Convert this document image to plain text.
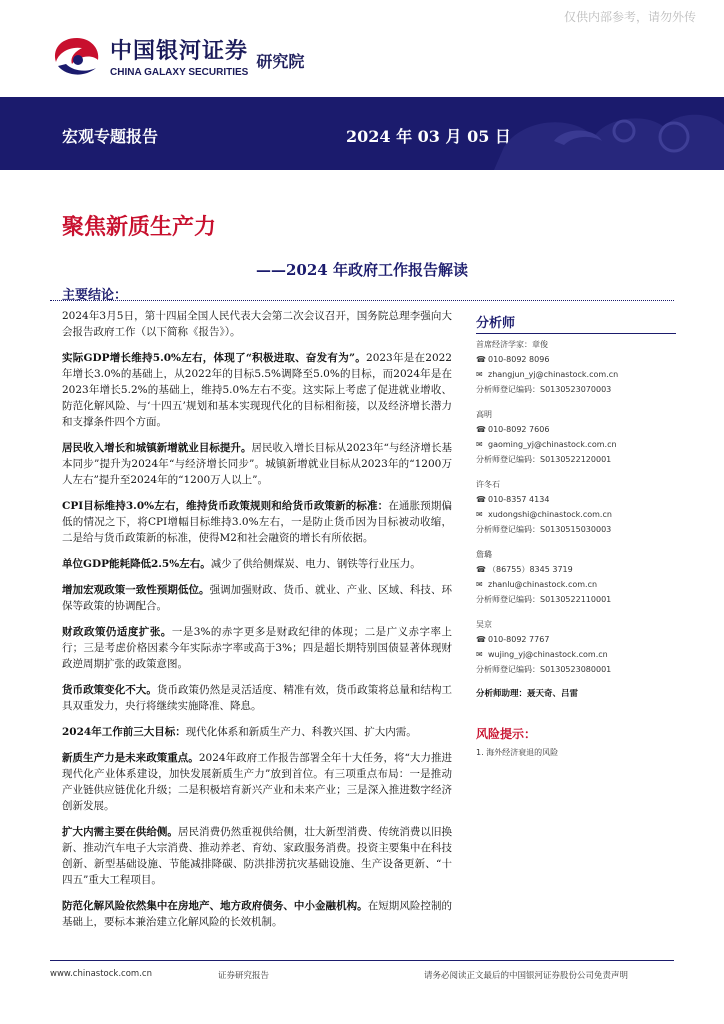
仅供内部参考，请勿外传
中国银河证券
CHINA GALAXY SECURITIES
研究院
宏观专题报告	2024 年 03 月 05 日
聚焦新质生产力
——2024 年政府工作报告解读
主要结论：

2024年3月5日，第十四届全国人民代表大会第二次会议召开，国务院总理李强向大会报告政府工作（以下简称《报告》）。

实际GDP增长维持5.0%左右，体现了“积极进取、奋发有为”。2023年是在2022年增长3.0%的基础上，从2022年的目标5.5%调降至5.0%的目标，而2024年是在2023年增长5.2%的基础上，维持5.0%左右不变。这实际上考虑了促进就业增收、防范化解风险、与‘十四五’规划和基本实现现代化的目标相衔接，以及经济增长潜力和支撑条件四个方面。

居民收入增长和城镇新增就业目标提升。居民收入增长目标从2023年“与经济增长基本同步”提升为2024年“与经济增长同步”。城镇新增就业目标从2023年的“1200万人左右”提升至2024年的“1200万人以上”。

CPI目标维持3.0%左右，维持货币政策规则和给货币政策新的标准：在通胀预期偏低的情况之下，将CPI增幅目标维持3.0%左右，一是防止货币因为目标被动收缩，二是给与货币政策新的标准，使得M2和社会融资的增长有所依据。

单位GDP能耗降低2.5%左右。减少了供给侧煤炭、电力、钢铁等行业压力。

增加宏观政策一致性预期低位。强调加强财政、货币、就业、产业、区域、科技、环保等政策的协调配合。

财政政策仍适度扩张。一是3%的赤字更多是财政纪律的体现；二是广义赤字率上行；三是考虑价格因素今年实际赤字率或高于3%；四是超长期特别国债显著体现财政逆周期扩张的政策意图。

货币政策变化不大。货币政策仍然是灵活适度、精准有效，货币政策将总量和结构工具双重发力，央行将继续实施降准、降息。

2024年工作前三大目标：现代化体系和新质生产力、科教兴国、扩大内需。

新质生产力是未来政策重点。2024年政府工作报告部署全年十大任务，将“大力推进现代化产业体系建设，加快发展新质生产力”放到首位。有三项重点布局：一是推动产业链供应链优化升级；二是积极培育新兴产业和未来产业；三是深入推进数字经济创新发展。

扩大内需主要在供给侧。居民消费仍然重视供给侧，壮大新型消费、传统消费以旧换新、推动汽车电子大宗消费、推动养老、育幼、家政服务消费。投资主要集中在科技创新、新型基础设施、节能减排降碳、防洪排涝抗灾基础设施、生产设备更新、“十四五”重大工程项目。

防范化解风险依然集中在房地产、地方政府债务、中小金融机构。在短期风险控制的基础上，要标本兼治建立化解风险的长效机制。

分析师
首席经济学家：章俊
☎ 010-8092 8096
✉ zhangjun_yj@chinastock.com.cn
分析师登记编码：S0130523070003
高明
☎ 010-8092 7606
✉ gaoming_yj@chinastock.com.cn
分析师登记编码：S0130522120001
许冬石
☎ 010-8357 4134
✉ xudongshi@chinastock.com.cn
分析师登记编码：S0130515030003
詹璐
☎ （86755）8345 3719
✉ zhanlu@chinastock.com.cn
分析师登记编码：S0130522110001
吴京
☎ 010-8092 7767
✉ wujing_yj@chinastock.com.cn
分析师登记编码：S0130523080001
分析师助理：聂天奇、吕雷
风险提示：
1. 海外经济衰退的风险
www.chinastock.com.cn	证券研究报告	请务必阅读正文最后的中国银河证券股份公司免责声明
